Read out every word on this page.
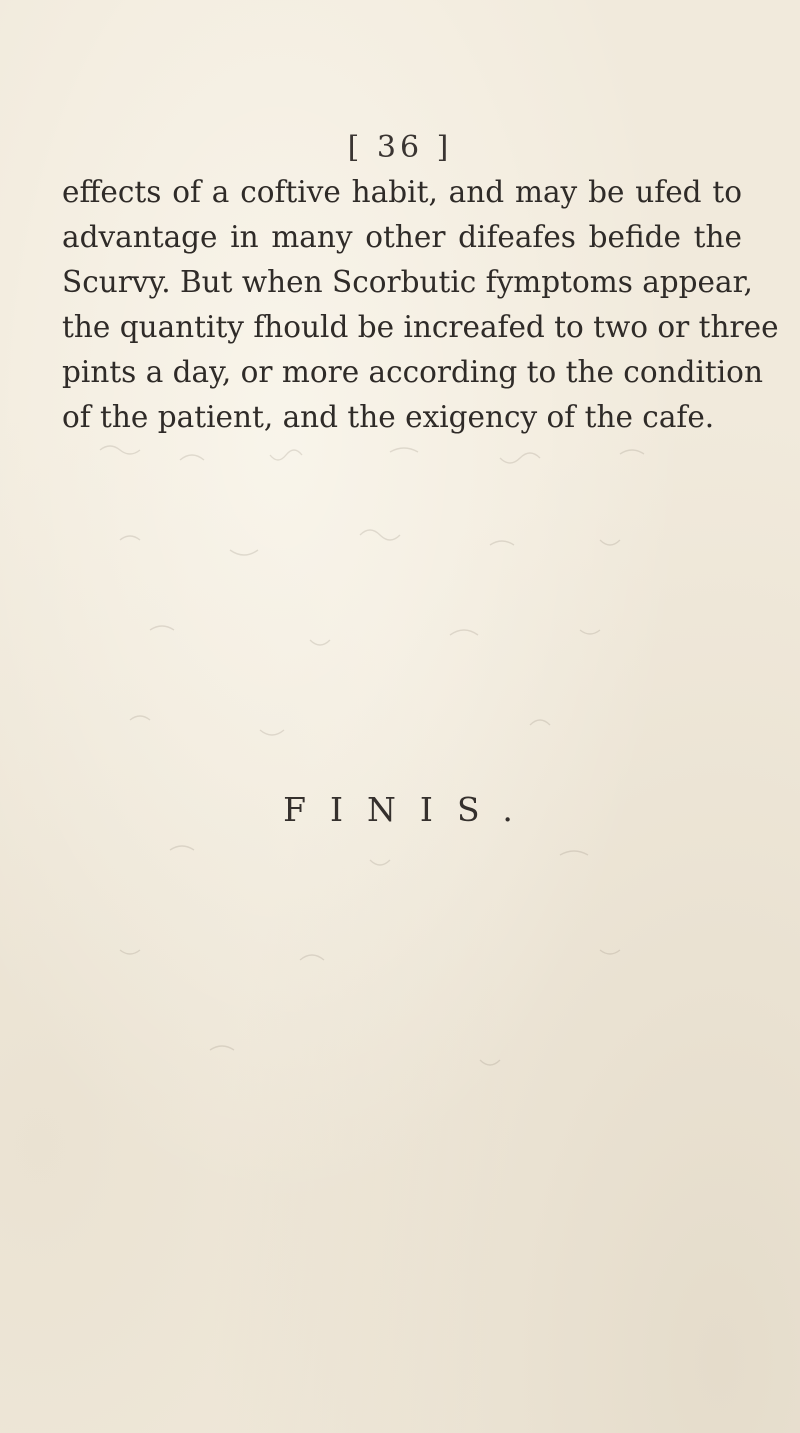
[ 36 ]
effects of a coftive habit, and may be ufed to
advantage in many other difeafes befide the
Scurvy. But when Scorbutic fymptoms appear,
the quantity fhould be increafed to two or three
pints a day, or more according to the condition
of the patient, and the exigency of the cafe.
FINIS.
